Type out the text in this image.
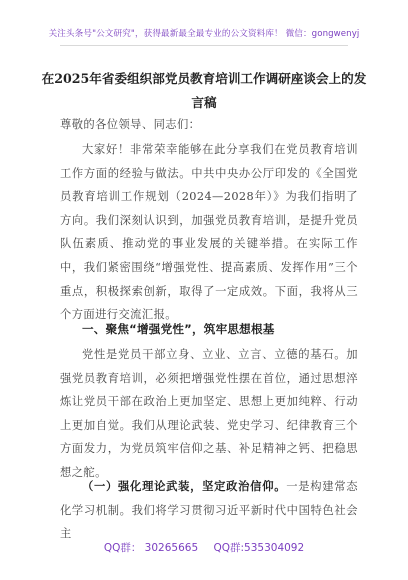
关注头条号"公文研究"，获得最新最全最专业的公文资料库！ 微信：gongwenyj
在2025年省委组织部党员教育培训工作调研座谈会上的发言稿
尊敬的各位领导、同志们：
大家好！非常荣幸能够在此分享我们在党员教育培训工作方面的经验与做法。中共中央办公厅印发的《全国党员教育培训工作规划（2024—2028年）》为我们指明了方向。我们深刻认识到，加强党员教育培训，是提升党员队伍素质、推动党的事业发展的关键举措。在实际工作中，我们紧密围绕“增强党性、提高素质、发挥作用”三个重点，积极探索创新，取得了一定成效。下面，我将从三个方面进行交流汇报。
一、聚焦“增强党性”，筑牢思想根基
党性是党员干部立身、立业、立言、立德的基石。加强党员教育培训，必须把增强党性摆在首位，通过思想淬炼让党员干部在政治上更加坚定、思想上更加纯粹、行动上更加自觉。我们从理论武装、党史学习、纪律教育三个方面发力，为党员筑牢信仰之基、补足精神之钙、把稳思想之舵。
（一）强化理论武装，坚定政治信仰。一是构建常态化学习机制。我们将学习贯彻习近平新时代中国特色社会主
QQ群： 30265665 QQ群:535304092
